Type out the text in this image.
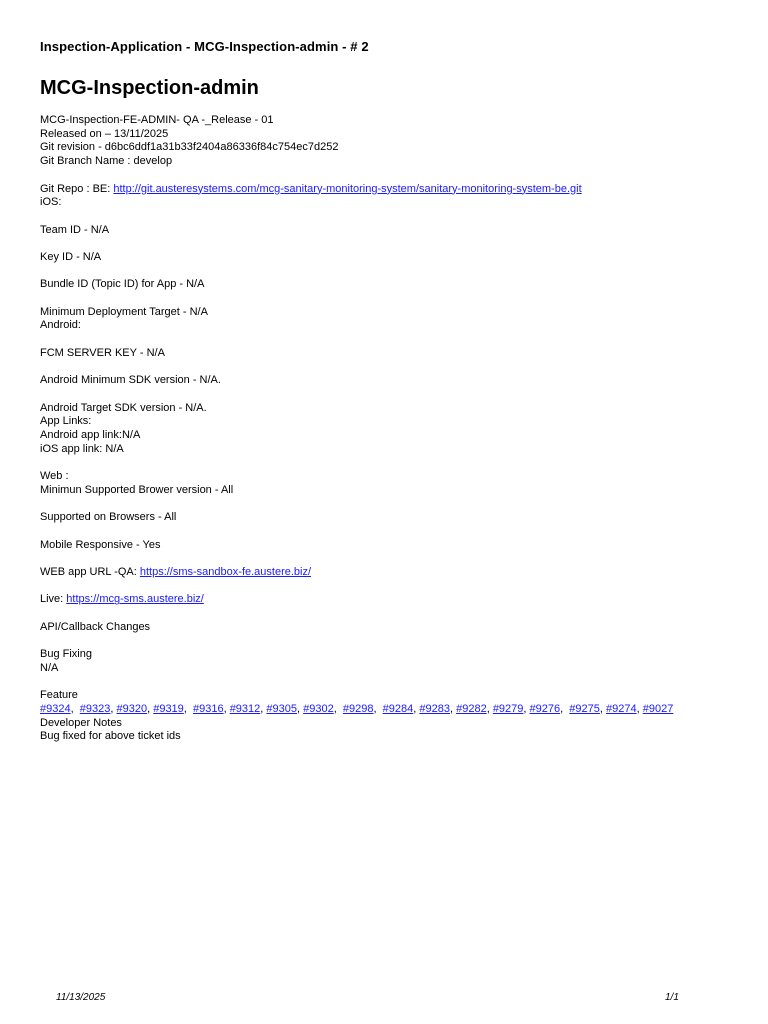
Inspection-Application - MCG-Inspection-admin - # 2
MCG-Inspection-admin
MCG-Inspection-FE-ADMIN- QA -_Release - 01
Released on – 13/11/2025
Git revision - d6bc6ddf1a31b33f2404a86336f84c754ec7d252
Git Branch Name : develop
Git Repo : BE: http://git.austeresystems.com/mcg-sanitary-monitoring-system/sanitary-monitoring-system-be.git
iOS:
Team ID - N/A
Key ID - N/A
Bundle ID (Topic ID) for App - N/A
Minimum Deployment Target - N/A
Android:
FCM SERVER KEY - N/A
Android Minimum SDK version - N/A.
Android Target SDK version - N/A.
App Links:
Android app link:N/A
iOS app link: N/A
Web :
Minimun Supported Brower version - All
Supported on Browsers - All
Mobile Responsive - Yes
WEB app URL -QA: https://sms-sandbox-fe.austere.biz/
Live: https://mcg-sms.austere.biz/
API/Callback Changes
Bug Fixing
N/A
Feature
#9324,  #9323, #9320, #9319,  #9316, #9312, #9305, #9302,  #9298,  #9284, #9283, #9282, #9279, #9276,  #9275, #9274, #9027
Developer Notes
Bug fixed for above ticket ids
11/13/2025	1/1
